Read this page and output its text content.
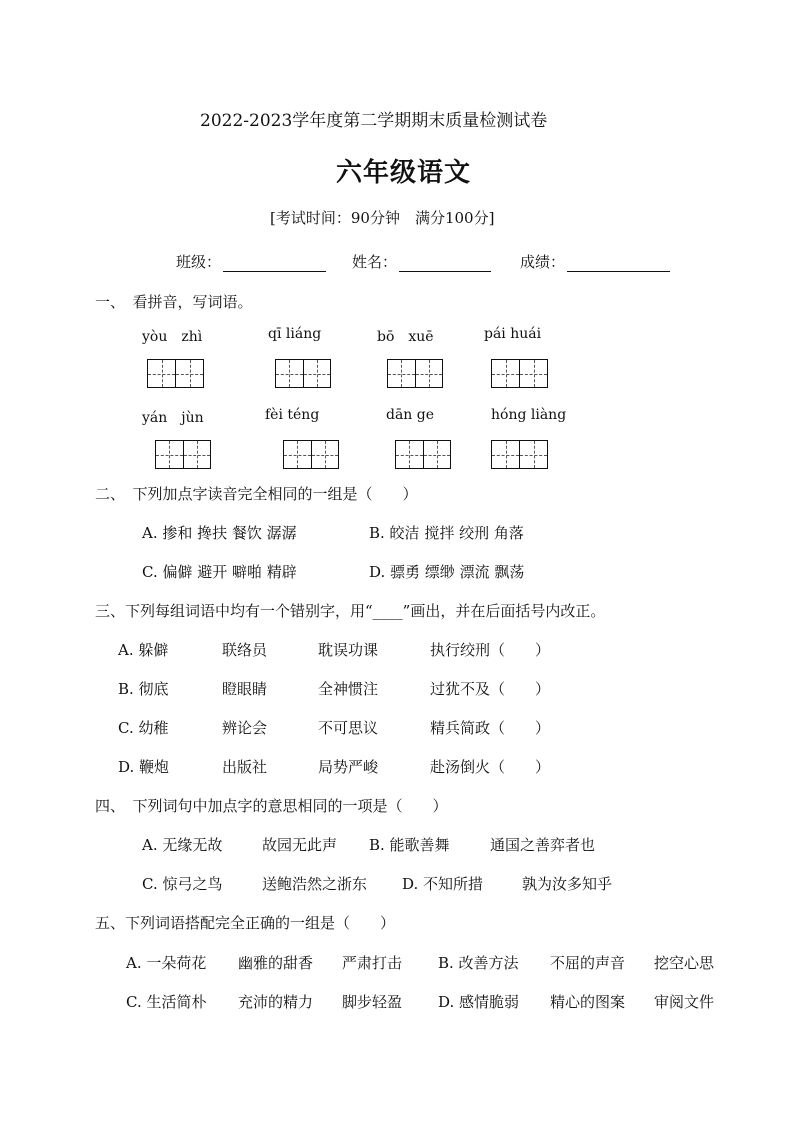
2022-2023学年度第二学期期末质量检测试卷
六年级语文
[考试时间：90分钟　满分100分]
班级：	姓名：	成绩：
一、　看拼音，写词语。
yòu　zhì	qī liáng	bō　xuē	pái huái
yán　jùn	fèi téng	dān ge	hóng liàng
二、　下列加点字读音完全相同的一组是（　　）
A. 掺和 搀扶 餐饮 潺潺	B. 皎洁 搅拌 绞刑 角落
C. 偏僻 避开 噼啪 精辟	D. 骠勇 缥缈 漂流 飘荡
三、下列每组词语中均有一个错别字，用“____”画出，并在后面括号内改正。
A. 躲僻	联络员	耽误功课	执行绞刑（　　）
B. 彻底	瞪眼睛	全神惯注	过犹不及（　　）
C. 幼稚	辨论会	不可思议	精兵简政（　　）
D. 鞭炮	出版社	局势严峻	赴汤倒火（　　）
四、　下列词句中加点字的意思相同的一项是（　　）
A. 无缘无故	故园无此声 B. 能歌善舞	通国之善弈者也
C. 惊弓之鸟	送鲍浩然之浙东 D. 不知所措	孰为汝多知乎
五、下列词语搭配完全正确的一组是（　　）
A. 一朵荷花 幽雅的甜香 严肃打击 B. 改善方法 不屈的声音 挖空心思
C. 生活简朴 充沛的精力 脚步轻盈 D. 感情脆弱 精心的图案 审阅文件
